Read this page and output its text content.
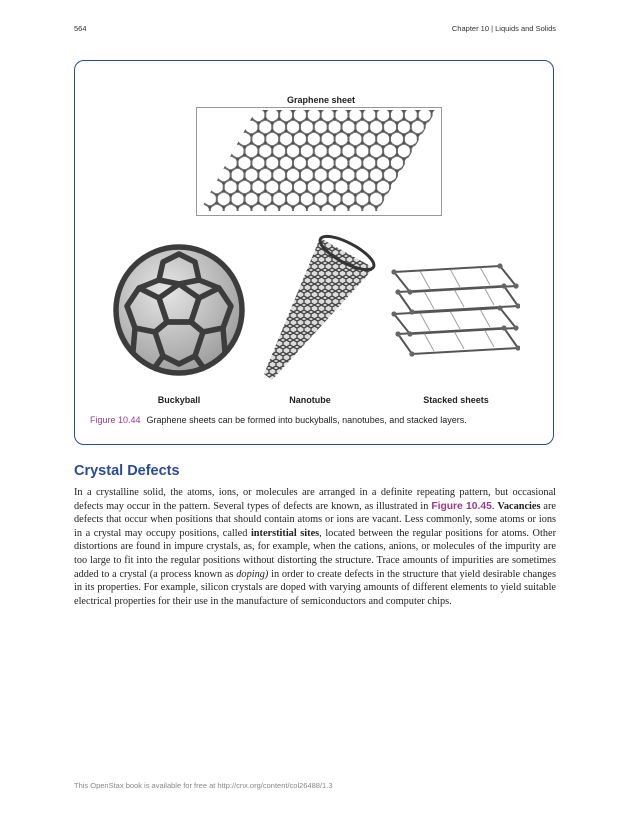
564	Chapter 10 | Liquids and Solids
Graphene sheet
Buckyball	Nanotube	Stacked sheets
Figure 10.44 Graphene sheets can be formed into buckyballs, nanotubes, and stacked layers.
Crystal Defects
In a crystalline solid, the atoms, ions, or molecules are arranged in a definite repeating pattern, but occasional defects may occur in the pattern. Several types of defects are known, as illustrated in Figure 10.45. Vacancies are defects that occur when positions that should contain atoms or ions are vacant. Less commonly, some atoms or ions in a crystal may occupy positions, called interstitial sites, located between the regular positions for atoms. Other distortions are found in impure crystals, as, for example, when the cations, anions, or molecules of the impurity are too large to fit into the regular positions without distorting the structure. Trace amounts of impurities are sometimes added to a crystal (a process known as doping) in order to create defects in the structure that yield desirable changes in its properties. For example, silicon crystals are doped with varying amounts of different elements to yield suitable electrical properties for their use in the manufacture of semiconductors and computer chips.
This OpenStax book is available for free at http://cnx.org/content/col26488/1.3
